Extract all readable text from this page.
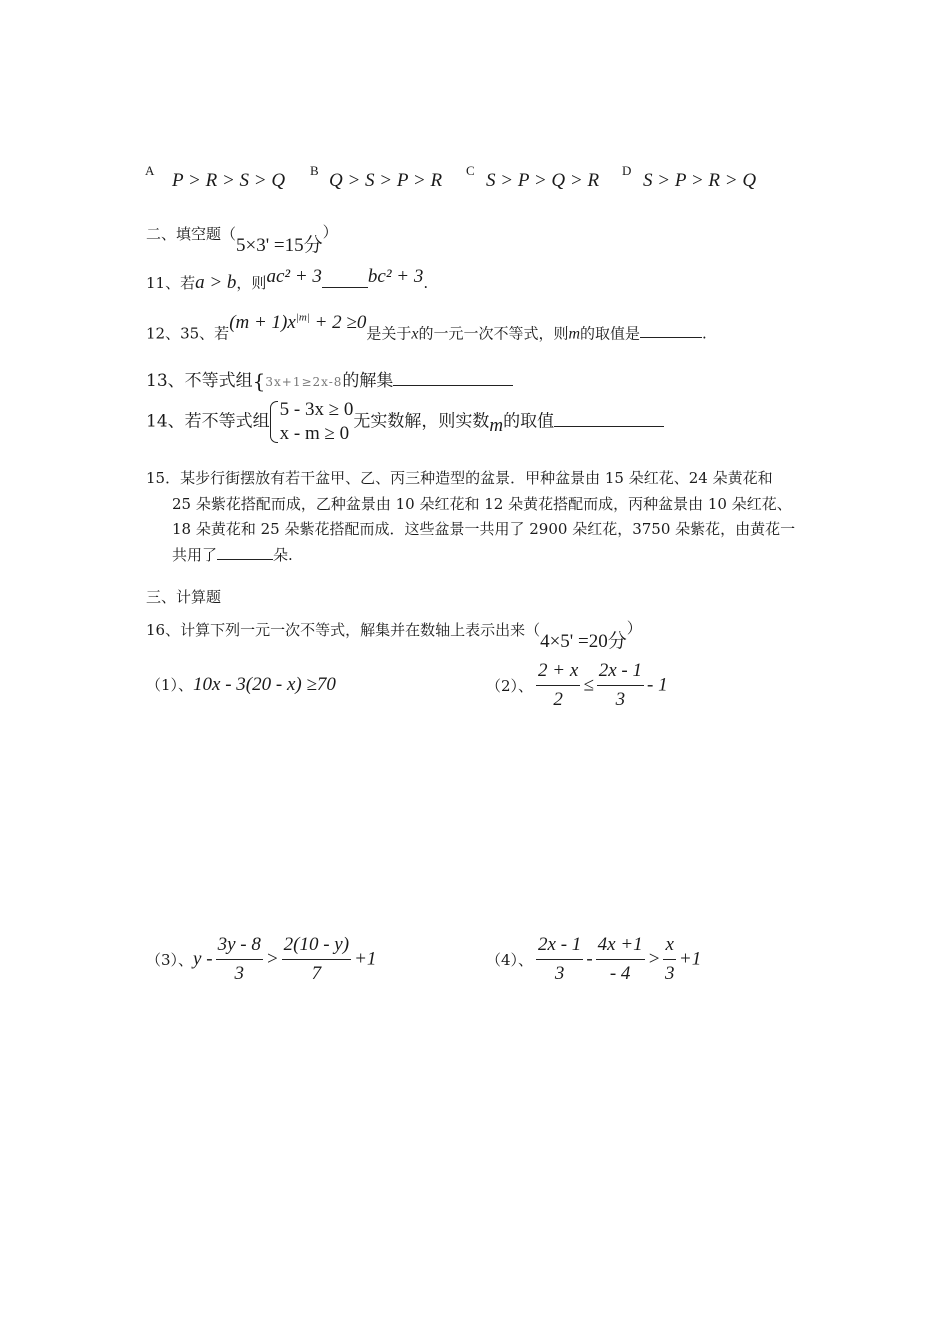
A P > R > S > Q B Q > S > P > R C S > P > Q > R D S > P > R > Q
二、填空题（5×3' =15分）
11、若a > b，则ac² + 3 bc² + 3.
12、35、若$(m + 1)x^{|m|} + 2 \ge 0$是关于x的一元一次不等式，则m的取值是	.
13、不等式组{3x+1≥2x-8的解集
14、若不等式组
5 - 3x ≥ 0
x - m ≥ 0
无实数解，则实数m的取值
15．某步行街摆放有若干盆甲、乙、丙三种造型的盆景．甲种盆景由 15 朵红花、24 朵黄花和

25 朵紫花搭配而成，乙种盆景由 10 朵红花和 12 朵黄花搭配而成，丙种盆景由 10 朵红花、
18 朵黄花和 25 朵紫花搭配而成．这些盆景一共用了 2900 朵红花，3750 朵紫花，由黄花一
共用了	朵.
三、计算题
16、计算下列一元一次不等式，解集并在数轴上表示出来（4×5' =20分）
（1）、10x - 3(20 - x) ≥70	（2）、 $\frac{2 + x}{2} \le \frac{2x - 1}{3} - 1$
（3）、$y - \frac{3y - 8}{3} > \frac{2(10 - y)}{7} +1$	（4）、 $\frac{2x - 1}{3} - \frac{4x +1}{- 4} > \frac{x}{3} +1$
